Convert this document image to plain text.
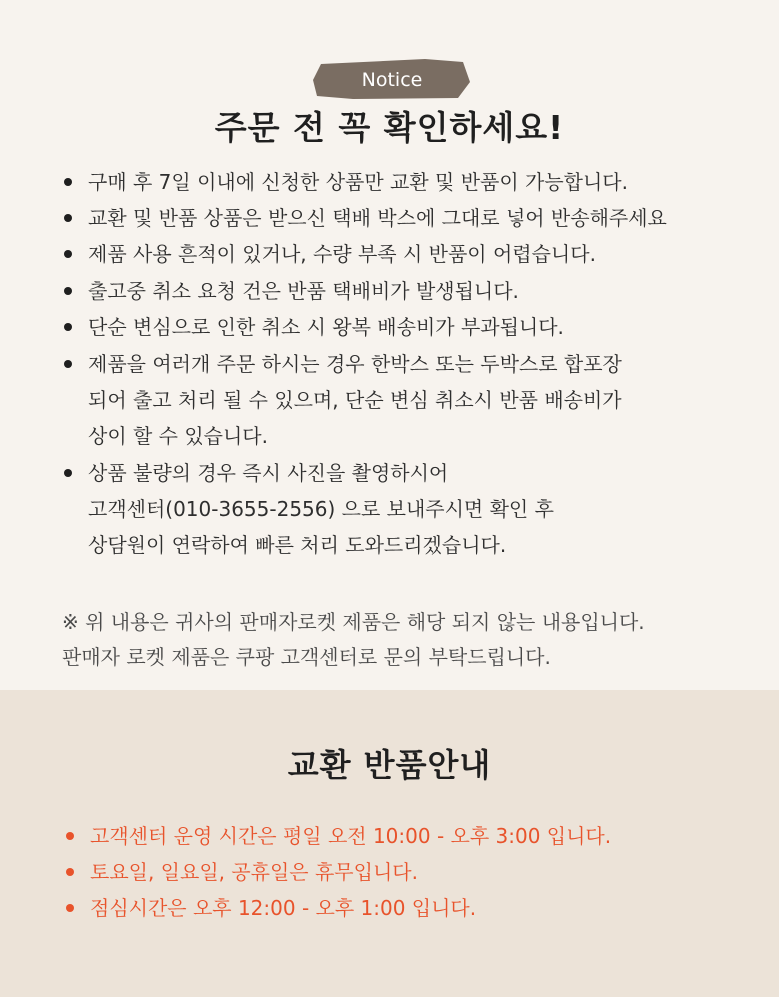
Notice
주문 전 꼭 확인하세요!
구매 후 7일 이내에 신청한 상품만 교환 및 반품이 가능합니다.
교환 및 반품 상품은 받으신 택배 박스에 그대로 넣어 반송해주세요
제품 사용 흔적이 있거나, 수량 부족 시 반품이 어렵습니다.
출고중 취소 요청 건은 반품 택배비가 발생됩니다.
단순 변심으로 인한 취소 시 왕복 배송비가 부과됩니다.
제품을 여러개 주문 하시는 경우 한박스 또는 두박스로 합포장
되어 출고 처리 될 수 있으며, 단순 변심 취소시 반품 배송비가
상이 할 수 있습니다.
상품 불량의 경우 즉시 사진을 촬영하시어
고객센터(010-3655-2556) 으로 보내주시면 확인 후
상담원이 연락하여 빠른 처리 도와드리겠습니다.
※ 위 내용은 귀사의 판매자로켓 제품은 해당 되지 않는 내용입니다.
판매자 로켓 제품은 쿠팡 고객센터로 문의 부탁드립니다.
교환 반품안내
고객센터 운영 시간은 평일 오전 10:00 - 오후 3:00 입니다.
토요일, 일요일, 공휴일은 휴무입니다.
점심시간은 오후 12:00 - 오후 1:00 입니다.
